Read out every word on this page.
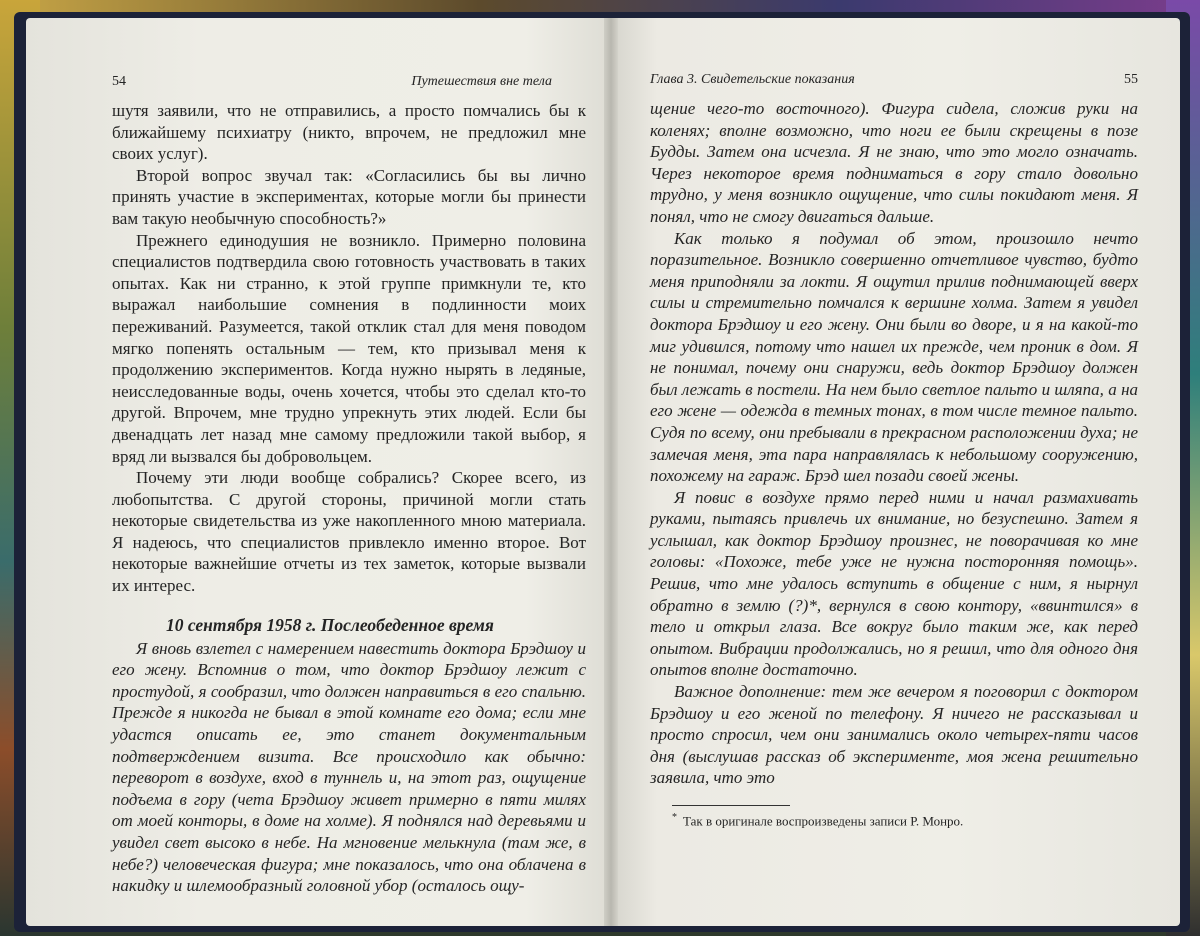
54	Путешествия вне тела

шутя заявили, что не отправились, а просто помчались бы к ближайшему психиатру (никто, впрочем, не предложил мне своих услуг).

Второй вопрос звучал так: «Согласились бы вы лично принять участие в экспериментах, которые могли бы принести вам такую необычную способность?»

Прежнего единодушия не возникло. Примерно половина специалистов подтвердила свою готовность участвовать в таких опытах. Как ни странно, к этой группе примкнули те, кто выражал наибольшие сомнения в подлинности моих переживаний. Разумеется, такой отклик стал для меня поводом мягко попенять остальным — тем, кто призывал меня к продолжению экспериментов. Когда нужно нырять в ледяные, неисследованные воды, очень хочется, чтобы это сделал кто-то другой. Впрочем, мне трудно упрекнуть этих людей. Если бы двенадцать лет назад мне самому предложили такой выбор, я вряд ли вызвался бы добровольцем.

Почему эти люди вообще собрались? Скорее всего, из любопытства. С другой стороны, причиной могли стать некоторые свидетельства из уже накопленного мною материала. Я надеюсь, что специалистов привлекло именно второе. Вот некоторые важнейшие отчеты из тех заметок, которые вызвали их интерес.

10 сентября 1958 г. Послеобеденное время

Я вновь взлетел с намерением навестить доктора Брэдшоу и его жену. Вспомнив о том, что доктор Брэдшоу лежит с простудой, я сообразил, что должен направиться в его спальню. Прежде я никогда не бывал в этой комнате его дома; если мне удастся описать ее, это станет документальным подтверждением визита. Все происходило как обычно: переворот в воздухе, вход в туннель и, на этот раз, ощущение подъема в гору (чета Брэдшоу живет примерно в пяти милях от моей конторы, в доме на холме). Я поднялся над деревьями и увидел свет высоко в небе. На мгновение мелькнула (там же, в небе?) человеческая фигура; мне показалось, что она облачена в накидку и шлемообразный головной убор (осталось ощу-

Глава 3. Свидетельские показания	55

щение чего-то восточного). Фигура сидела, сложив руки на коленях; вполне возможно, что ноги ее были скрещены в позе Будды. Затем она исчезла. Я не знаю, что это могло означать. Через некоторое время подниматься в гору стало довольно трудно, у меня возникло ощущение, что силы покидают меня. Я понял, что не смогу двигаться дальше.

Как только я подумал об этом, произошло нечто поразительное. Возникло совершенно отчетливое чувство, будто меня приподняли за локти. Я ощутил прилив поднимающей вверх силы и стремительно помчался к вершине холма. Затем я увидел доктора Брэдшоу и его жену. Они были во дворе, и я на какой-то миг удивился, потому что нашел их прежде, чем проник в дом. Я не понимал, почему они снаружи, ведь доктор Брэдшоу должен был лежать в постели. На нем было светлое пальто и шляпа, а на его жене — одежда в темных тонах, в том числе темное пальто. Судя по всему, они пребывали в прекрасном расположении духа; не замечая меня, эта пара направлялась к небольшому сооружению, похожему на гараж. Брэд шел позади своей жены.

Я повис в воздухе прямо перед ними и начал размахивать руками, пытаясь привлечь их внимание, но безуспешно. Затем я услышал, как доктор Брэдшоу произнес, не поворачивая ко мне головы: «Похоже, тебе уже не нужна посторонняя помощь». Решив, что мне удалось вступить в общение с ним, я нырнул обратно в землю (?)*, вернулся в свою контору, «ввинтился» в тело и открыл глаза. Все вокруг было таким же, как перед опытом. Вибрации продолжались, но я решил, что для одного дня опытов вполне достаточно.

Важное дополнение: тем же вечером я поговорил с доктором Брэдшоу и его женой по телефону. Я ничего не рассказывал и просто спросил, чем они занимались около четырех-пяти часов дня (выслушав рассказ об эксперименте, моя жена решительно заявила, что это

* Так в оригинале воспроизведены записи Р. Монро.
